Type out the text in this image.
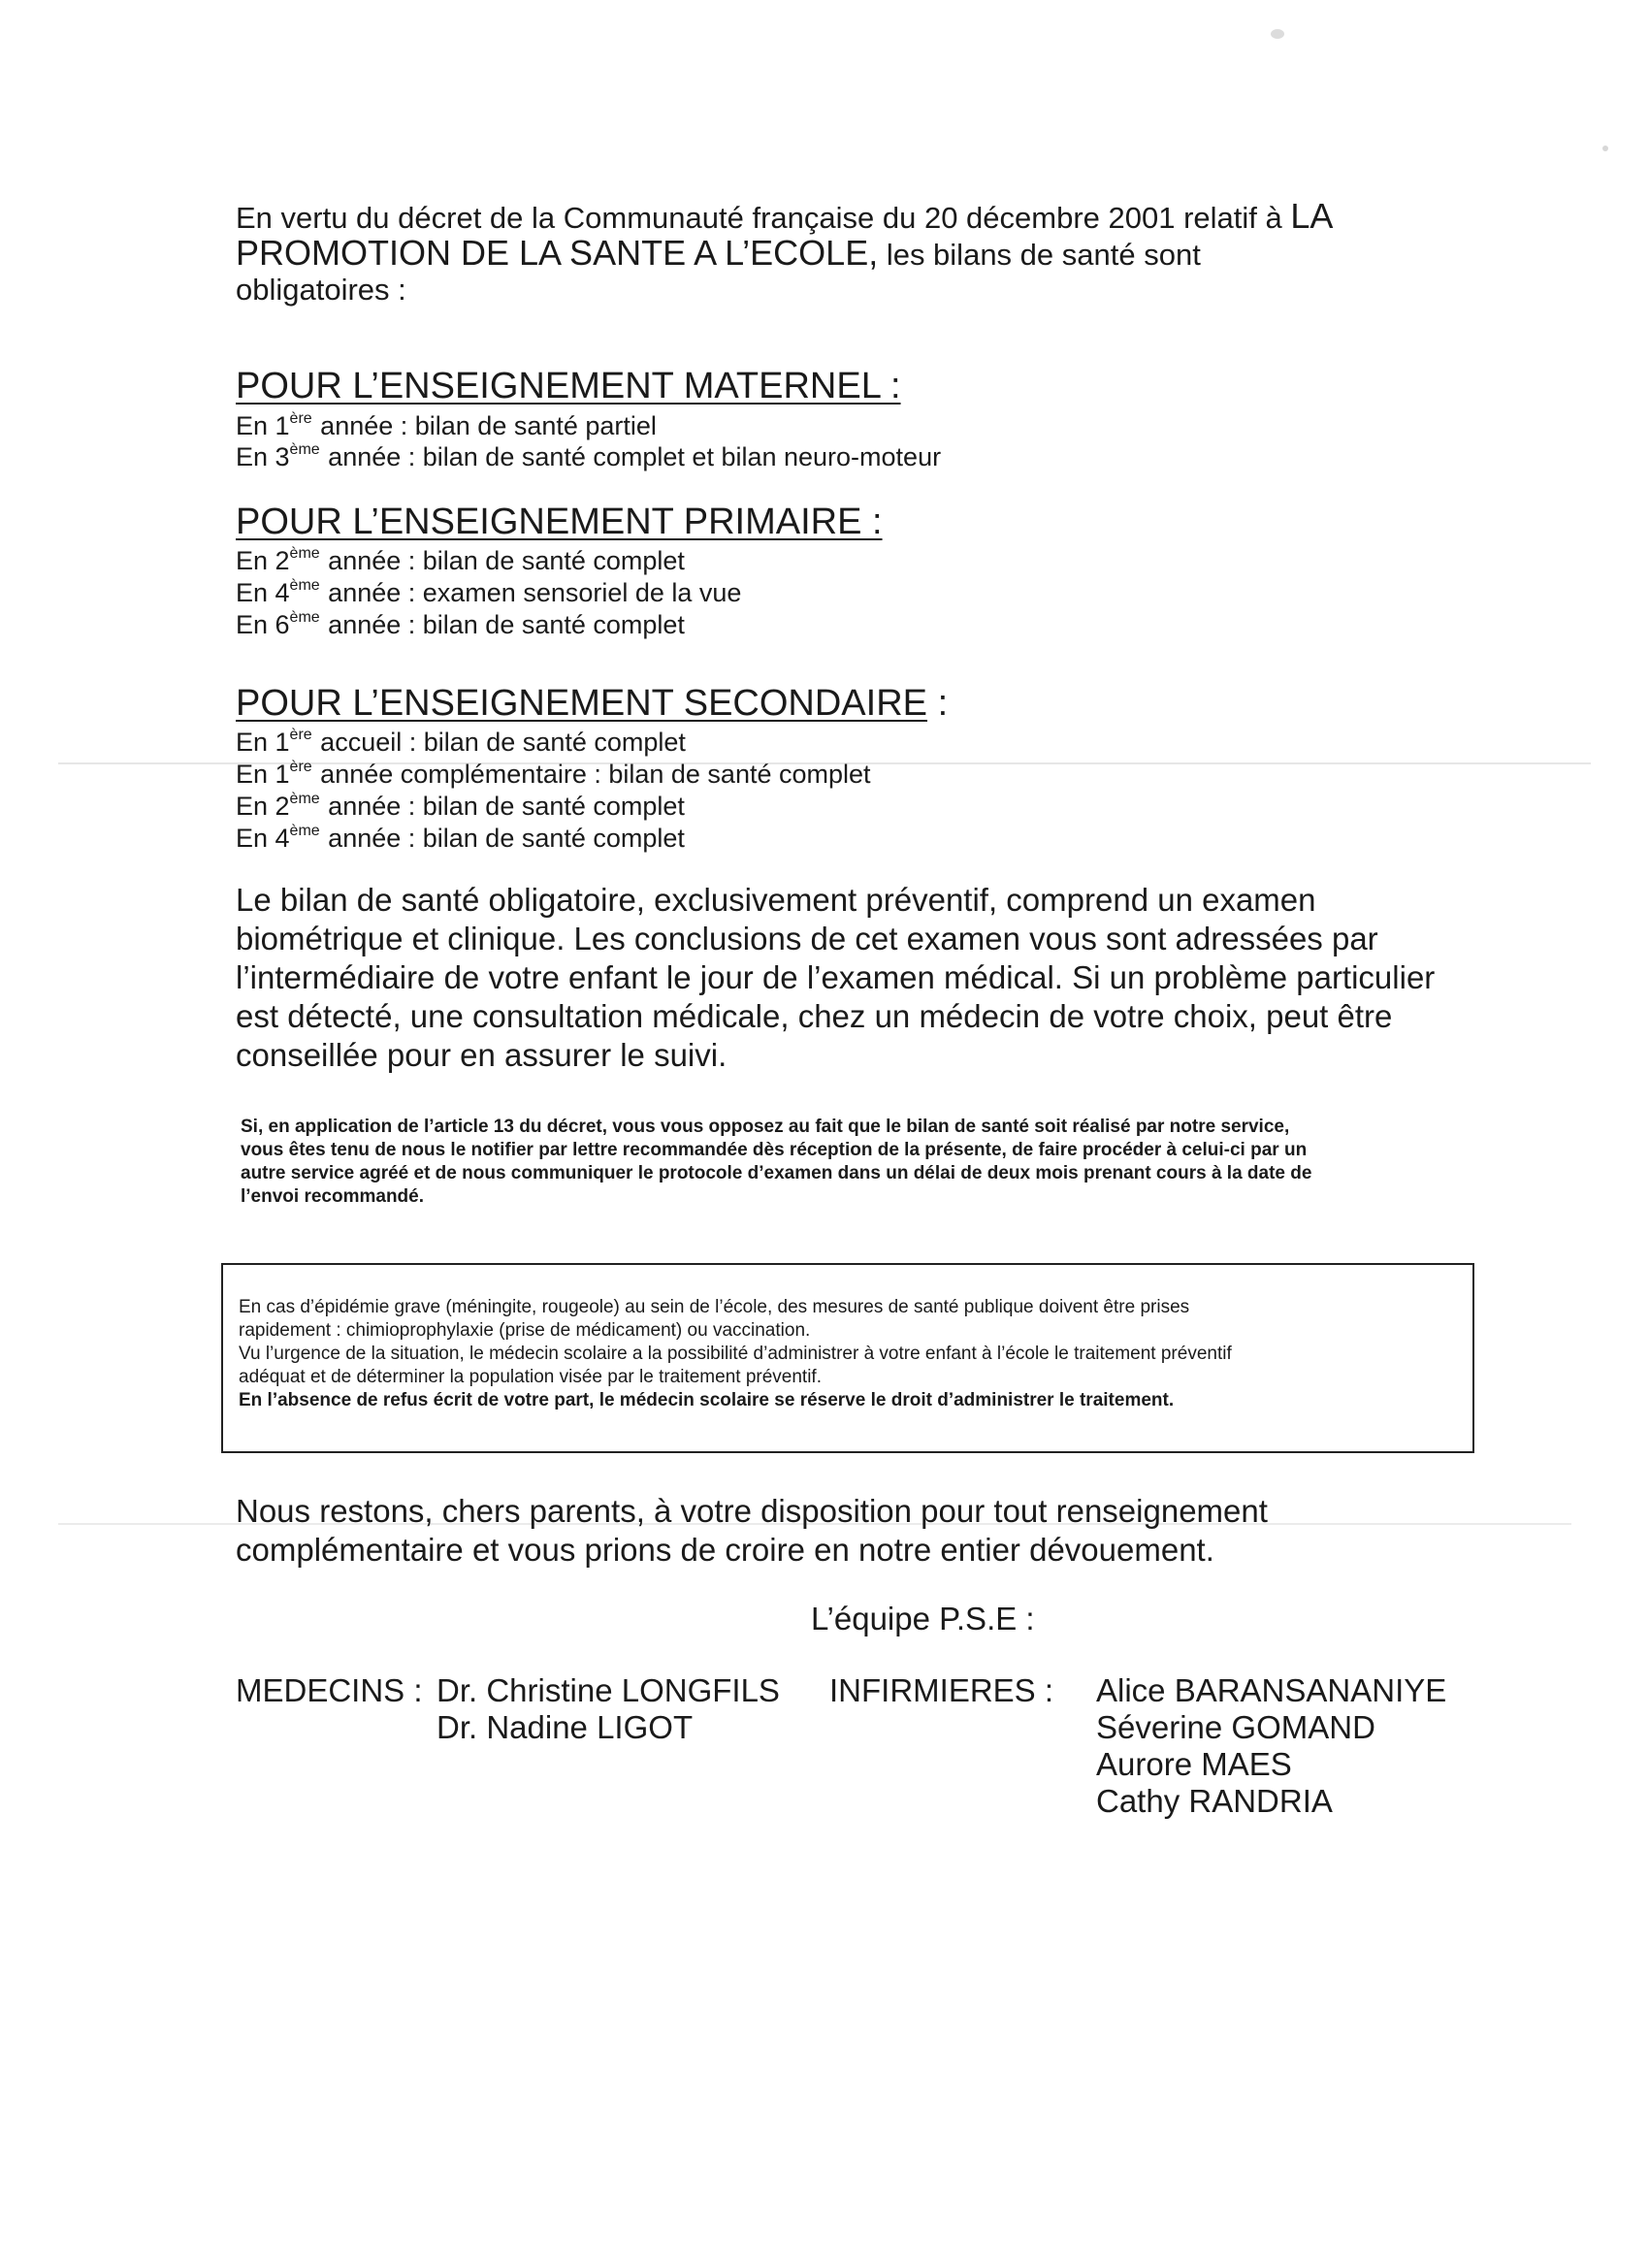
En vertu du décret de la Communauté française du 20 décembre 2001 relatif à LA
PROMOTION DE LA SANTE A L’ECOLE, les bilans de santé sont
obligatoires :
POUR L’ENSEIGNEMENT MATERNEL :
En 1ère année : bilan de santé partiel
En 3ème année : bilan de santé complet et bilan neuro-moteur
POUR L’ENSEIGNEMENT PRIMAIRE :
En 2ème année : bilan de santé complet
En 4ème année : examen sensoriel de la vue
En 6ème année : bilan de santé complet
POUR L’ENSEIGNEMENT SECONDAIRE :
En 1ère accueil : bilan de santé complet
En 1ère année complémentaire : bilan de santé complet
En 2ème année : bilan de santé complet
En 4ème année : bilan de santé complet
Le bilan de santé obligatoire, exclusivement préventif, comprend un examen
biométrique et clinique. Les conclusions de cet examen vous sont adressées par
l’intermédiaire de votre enfant le jour de l’examen médical. Si un problème particulier
est détecté, une consultation médicale, chez un médecin de votre choix, peut être
conseillée pour en assurer le suivi.
Si, en application de l’article 13 du décret, vous vous opposez au fait que le bilan de santé soit réalisé par notre service,
vous êtes tenu de nous le notifier par lettre recommandée dès réception de la présente, de faire procéder à celui-ci par un
autre service agréé et de nous communiquer le protocole d’examen dans un délai de deux mois prenant cours à la date de
l’envoi recommandé.
En cas d’épidémie grave (méningite, rougeole) au sein de l’école, des mesures de santé publique doivent être prises
rapidement : chimioprophylaxie (prise de médicament) ou vaccination.
Vu l’urgence de la situation, le médecin scolaire a la possibilité d’administrer à votre enfant à l’école le traitement préventif
adéquat et de déterminer la population visée par le traitement préventif.
En l’absence de refus écrit de votre part, le médecin scolaire se réserve le droit d’administrer le traitement.
Nous restons, chers parents, à votre disposition pour tout renseignement
complémentaire et vous prions de croire en notre entier dévouement.
L’équipe P.S.E :
MEDECINS : Dr. Christine LONGFILS
Dr. Nadine LIGOT
INFIRMIERES : Alice BARANSANANIYE
Séverine GOMAND
Aurore MAES
Cathy RANDRIA
